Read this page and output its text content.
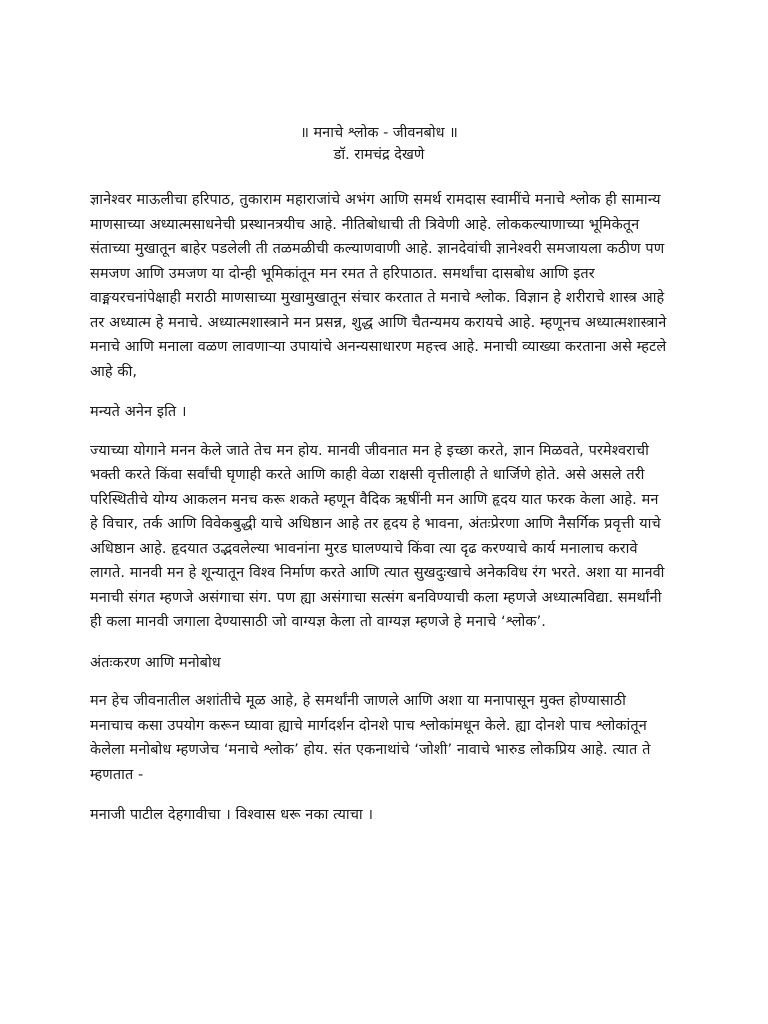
॥ मनाचे श्लोक - जीवनबोध ॥
डॉ. रामचंद्र देखणे

ज्ञानेश्वर माऊलीचा हरिपाठ, तुकाराम महाराजांचे अभंग आणि समर्थ रामदास स्वामींचे मनाचे श्लोक ही सामान्य माणसाच्या अध्यात्मसाधनेची प्रस्थानत्रयीच आहे. नीतिबोधाची ती त्रिवेणी आहे. लोककल्याणाच्या भूमिकेतून संताच्या मुखातून बाहेर पडलेली ती तळमळीची कल्याणवाणी आहे. ज्ञानदेवांची ज्ञानेश्वरी समजायला कठीण पण समजण आणि उमजण या दोन्ही भूमिकांतून मन रमत ते हरिपाठात. समर्थांचा दासबोध आणि इतर वाङ्मयरचनांपेक्षाही मराठी माणसाच्या मुखामुखातून संचार करतात ते मनाचे श्लोक. विज्ञान हे शरीराचे शास्त्र आहे तर अध्यात्म हे मनाचे. अध्यात्मशास्त्राने मन प्रसन्न, शुद्ध आणि चैतन्यमय करायचे आहे. म्हणूनच अध्यात्मशास्त्राने मनाचे आणि मनाला वळण लावणाऱ्या उपायांचे अनन्यसाधारण महत्त्व आहे. मनाची व्याख्या करताना असे म्हटले आहे की,

मन्यते अनेन इति ।

ज्याच्या योगाने मनन केले जाते तेच मन होय. मानवी जीवनात मन हे इच्छा करते, ज्ञान मिळवते, परमेश्वराची भक्ती करते किंवा सर्वांची घृणाही करते आणि काही वेळा राक्षसी वृत्तीलाही ते धार्जिणे होते. असे असले तरी परिस्थितीचे योग्य आकलन मनच करू शकते म्हणून वैदिक ऋषींनी मन आणि हृदय यात फरक केला आहे. मन हे विचार, तर्क आणि विवेकबुद्धी याचे अधिष्ठान आहे तर हृदय हे भावना, अंतःप्रेरणा आणि नैसर्गिक प्रवृत्ती याचे अधिष्ठान आहे. हृदयात उद्भवलेल्या भावनांना मुरड घालण्याचे किंवा त्या दृढ करण्याचे कार्य मनालाच करावे लागते. मानवी मन हे शून्यातून विश्व निर्माण करते आणि त्यात सुखदुःखाचे अनेकविध रंग भरते. अशा या मानवी मनाची संगत म्हणजे असंगाचा संग. पण ह्या असंगाचा सत्संग बनविण्याची कला म्हणजे अध्यात्मविद्या. समर्थांनी ही कला मानवी जगाला देण्यासाठी जो वाग्यज्ञ केला तो वाग्यज्ञ म्हणजे हे मनाचे ‘श्लोक’.

अंतःकरण आणि मनोबोध

मन हेच जीवनातील अशांतीचे मूळ आहे, हे समर्थांनी जाणले आणि अशा या मनापासून मुक्त होण्यासाठी मनाचाच कसा उपयोग करून घ्यावा ह्याचे मार्गदर्शन दोनशे पाच श्लोकांमधून केले. ह्या दोनशे पाच श्लोकांतून केलेला मनोबोध म्हणजेच ‘मनाचे श्लोक’ होय. संत एकनाथांचे ‘जोशी’ नावाचे भारुड लोकप्रिय आहे. त्यात ते म्हणतात -

मनाजी पाटील देहगावीचा । विश्वास धरू नका त्याचा ।
